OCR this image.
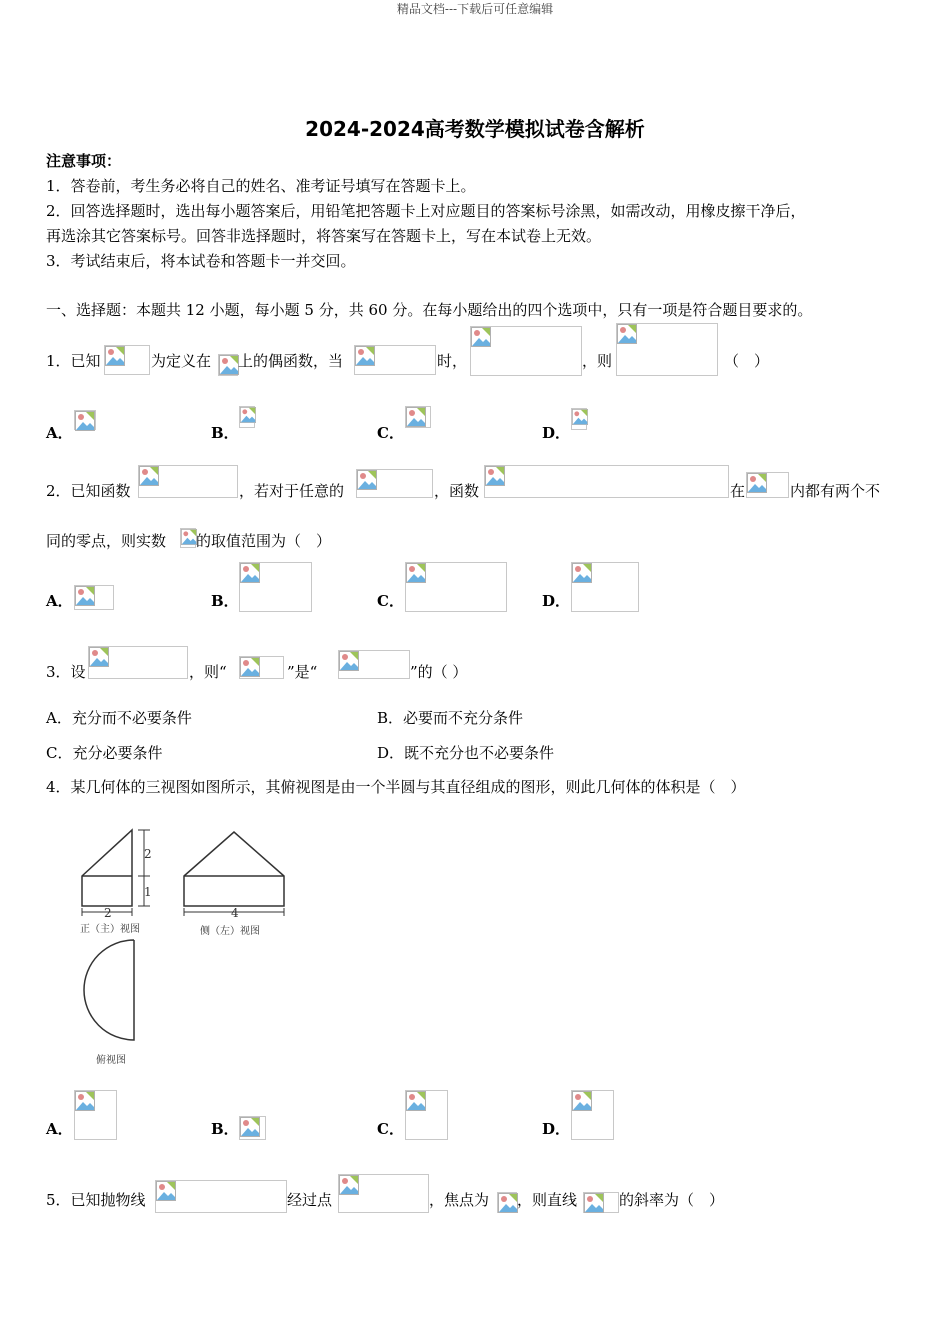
精品文档---下载后可任意编辑
2024-2024高考数学模拟试卷含解析
注意事项：
1．答卷前，考生务必将自己的姓名、准考证号填写在答题卡上。
2．回答选择题时，选出每小题答案后，用铅笔把答题卡上对应题目的答案标号涂黑，如需改动，用橡皮擦干净后，
再选涂其它答案标号。回答非选择题时，将答案写在答题卡上，写在本试卷上无效。
3．考试结束后，将本试卷和答题卡一并交回。
一、选择题：本题共 12 小题，每小题 5 分，共 60 分。在每小题给出的四个选项中，只有一项是符合题目要求的。
1．已知	为定义在 上的偶函数，当	时，	，则	（　）
A．	B．	C．	D．
2．已知函数	，若对于任意的	，函数	在	内都有两个不
同的零点，则实数 的取值范围为（　）
A．	B．	C．	D．
3．设	，则“	”是“	”的（ ）
A．充分而不必要条件	B．必要而不充分条件
C．充分必要条件	D．既不充分也不必要条件
4．某几何体的三视图如图所示，其俯视图是由一个半圆与其直径组成的图形，则此几何体的体积是（　）
2
1
2	4
正（主）视图	侧（左）视图
俯视图
A．	B．	C．	D．
5．已知抛物线	经过点	，焦点为 ，则直线	的斜率为（　）
